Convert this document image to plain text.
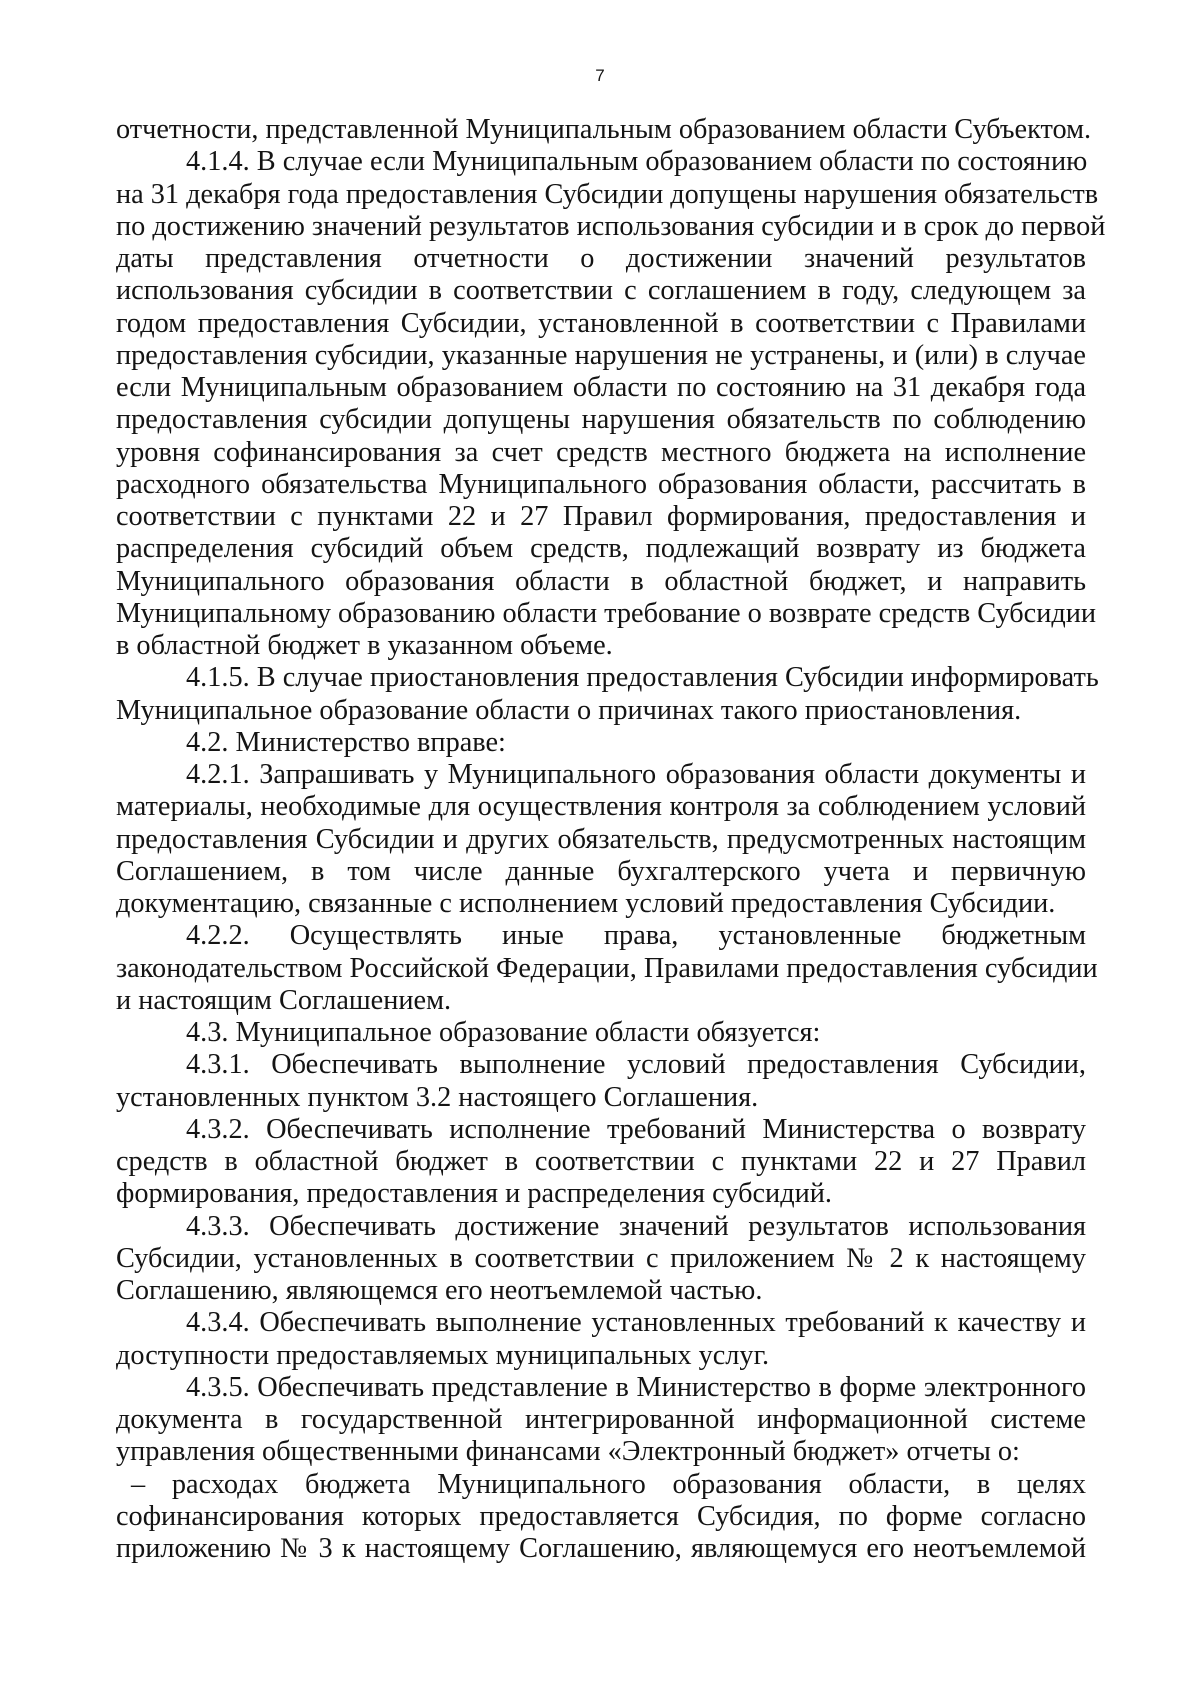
7

отчетности, представленной Муниципальным образованием области Субъектом.

4.1.4. В случае если Муниципальным образованием области по состоянию
на 31 декабря года предоставления Субсидии допущены нарушения обязательств
по достижению значений результатов использования субсидии и в срок до первой
даты представления отчетности о достижении значений результатов
использования субсидии в соответствии с соглашением в году, следующем за
годом предоставления Субсидии, установленной в соответствии с Правилами
предоставления субсидии, указанные нарушения не устранены, и (или) в случае
если Муниципальным образованием области по состоянию на 31 декабря года
предоставления субсидии допущены нарушения обязательств по соблюдению
уровня софинансирования за счет средств местного бюджета на исполнение
расходного обязательства Муниципального образования области, рассчитать в
соответствии с пунктами 22 и 27 Правил формирования, предоставления и
распределения субсидий объем средств, подлежащий возврату из бюджета
Муниципального образования области в областной бюджет, и направить
Муниципальному образованию области требование о возврате средств Субсидии
в областной бюджет в указанном объеме.

4.1.5. В случае приостановления предоставления Субсидии информировать
Муниципальное образование области о причинах такого приостановления.

4.2. Министерство вправе:

4.2.1. Запрашивать у Муниципального образования области документы и
материалы, необходимые для осуществления контроля за соблюдением условий
предоставления Субсидии и других обязательств, предусмотренных настоящим
Соглашением, в том числе данные бухгалтерского учета и первичную
документацию, связанные с исполнением условий предоставления Субсидии.

4.2.2. Осуществлять иные права, установленные бюджетным
законодательством Российской Федерации, Правилами предоставления субсидии
и настоящим Соглашением.

4.3. Муниципальное образование области обязуется:

4.3.1. Обеспечивать выполнение условий предоставления Субсидии,
установленных пунктом 3.2 настоящего Соглашения.

4.3.2. Обеспечивать исполнение требований Министерства о возврату
средств в областной бюджет в соответствии с пунктами 22 и 27 Правил
формирования, предоставления и распределения субсидий.

4.3.3. Обеспечивать достижение значений результатов использования
Субсидии, установленных в соответствии с приложением № 2 к настоящему
Соглашению, являющемся его неотъемлемой частью.

4.3.4. Обеспечивать выполнение установленных требований к качеству и
доступности предоставляемых муниципальных услуг.

4.3.5. Обеспечивать представление в Министерство в форме электронного
документа в государственной интегрированной информационной системе
управления общественными финансами «Электронный бюджет» отчеты о:

– расходах бюджета Муниципального образования области, в целях
софинансирования которых предоставляется Субсидия, по форме согласно
приложению № 3 к настоящему Соглашению, являющемуся его неотъемлемой
